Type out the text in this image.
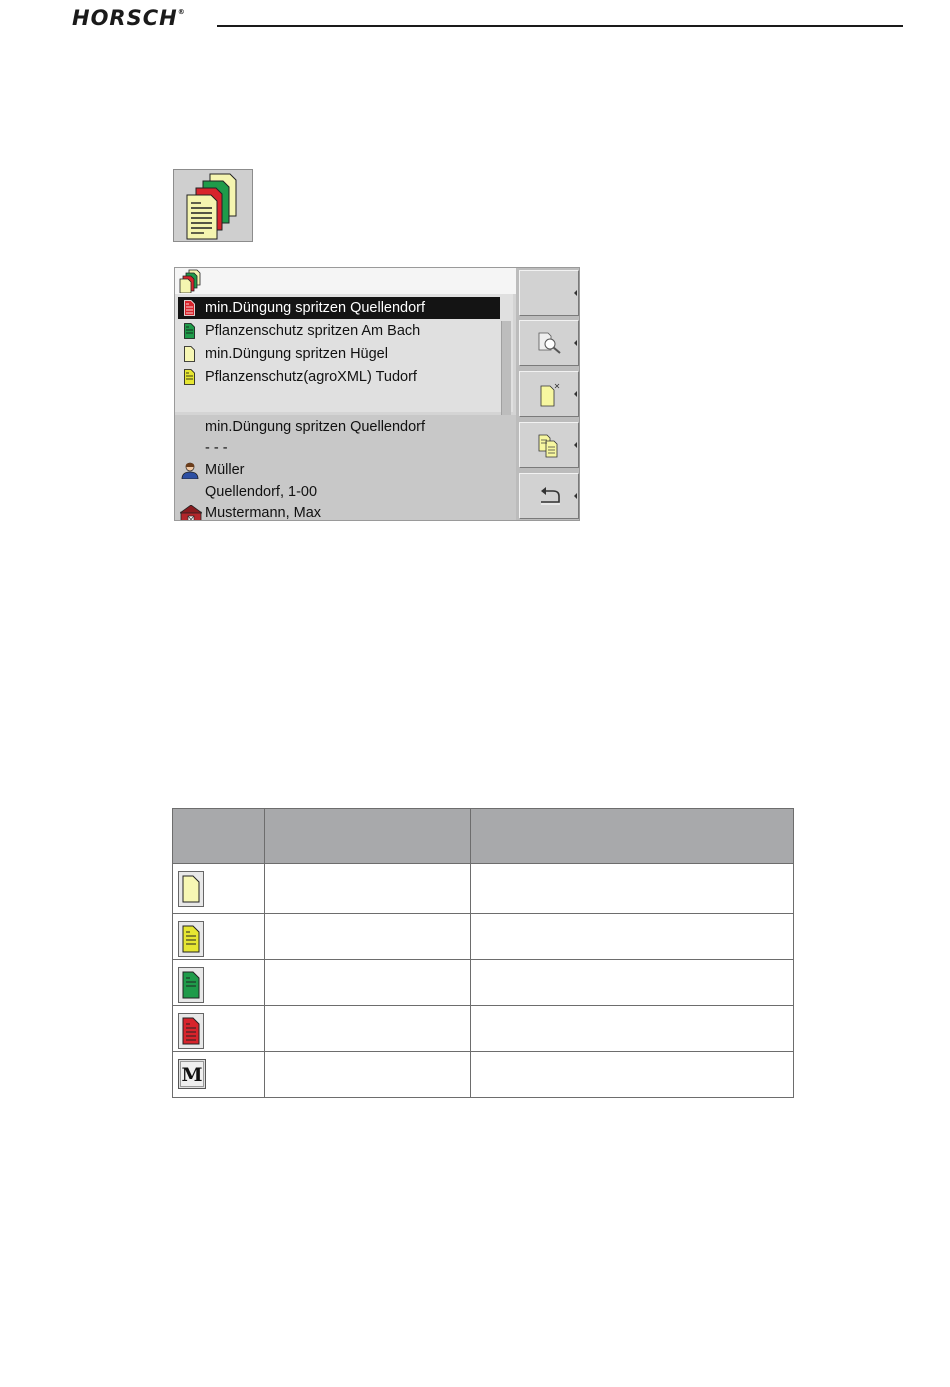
HORSCH®
min.Düngung spritzen Quellendorf
Pflanzenschutz spritzen Am Bach
min.Düngung spritzen Hügel
Pflanzenschutz(agroXML) Tudorf
min.Düngung spritzen Quellendorf
- - -
Müller
Quellendorf, 1-00
Mustermann, Max

M		
